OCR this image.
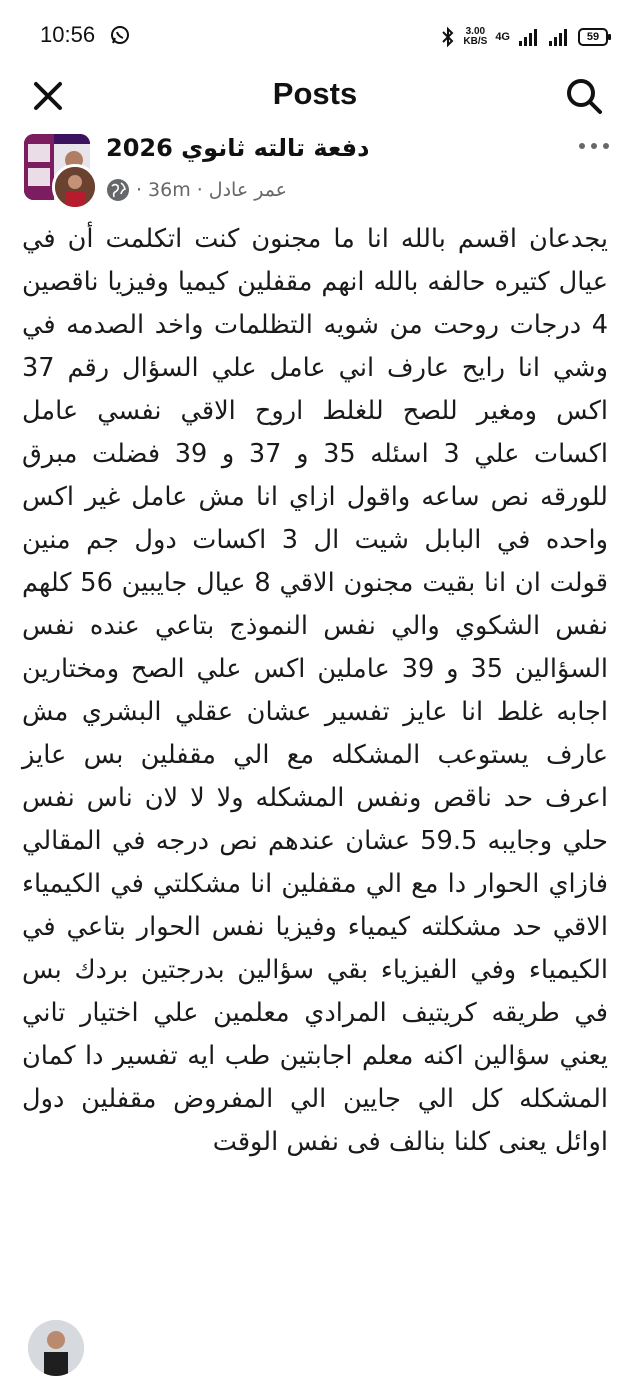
10:56	3.00
KB/S 4G	59
Posts
دفعة تالته ثانوي 2026
· 36m · عمر عادل
يجدعان اقسم بالله انا ما مجنون كنت اتكلمت أن في عيال كتيره حالفه بالله انهم مقفلين كيميا وفيزيا ناقصين 4 درجات روحت من شويه التظلمات واخد الصدمه في وشي انا رايح عارف اني عامل علي السؤال رقم 37 اكس ومغير للصح للغلط اروح الاقي نفسي عامل اكسات علي 3 اسئله 35 و 37 و 39 فضلت مبرق للورقه نص ساعه واقول ازاي انا مش عامل غير اكس واحده في البابل شيت ال 3 اكسات دول جم منين قولت ان انا بقيت مجنون الاقي 8 عيال جايبين 56 كلهم نفس الشكوي والي نفس النموذج بتاعي عنده نفس السؤالين 35 و 39 عاملين اكس علي الصح ومختارين اجابه غلط انا عايز تفسير عشان عقلي البشري مش عارف يستوعب المشكله مع الي مقفلين بس عايز اعرف حد ناقص ونفس المشكله ولا لا لان ناس نفس حلي وجايبه 59.5 عشان عندهم نص درجه في المقالي فازاي الحوار دا مع الي مقفلين انا مشكلتي في الكيمياء الاقي حد مشكلته كيمياء وفيزيا نفس الحوار بتاعي في الكيمياء وفي الفيزياء بقي سؤالين بدرجتين بردك بس في طريقه كريتيف المرادي معلمين علي اختيار تاني يعني سؤالين اكنه معلم اجابتين طب ايه تفسير دا كمان المشكله كل الي جايين الي المفروض مقفلين دول اوائل يعنى كلنا بنالف فى نفس الوقت
